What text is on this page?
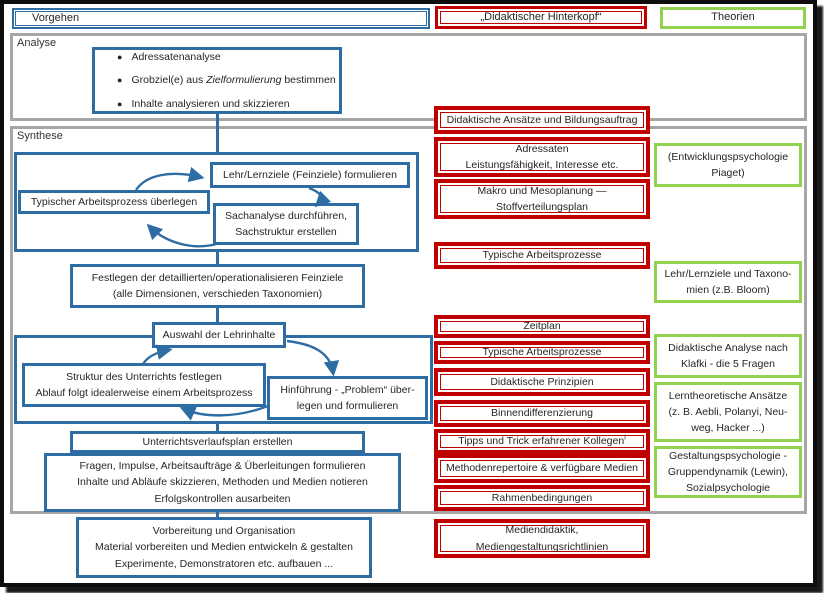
Analyse
Synthese
Vorgehen	„Didaktischer Hinterkopf“	Theorien
● Adressatenanalyse
● Grobziel(e) aus Zielformulierung bestimmen
● Inhalte analysieren und skizzieren
Lehr/Lernziele (Feinziele) formulieren
Typischer Arbeitsprozess überlegen
Sachanalyse durchführen,
Sachstruktur erstellen
Festlegen der detaillierten/operationalisieren Feinziele
(alle Dimensionen, verschieden Taxonomien)
Auswahl der Lehrinhalte
Struktur des Unterrichts festlegen
Ablauf folgt idealerweise einem Arbeitsprozess	Hinführung - „Problem“ über-
legen und formulieren
Unterrichtsverlaufsplan erstellen
Fragen, Impulse, Arbeitsaufträge & Überleitungen formulieren
Inhalte und Abläufe skizzieren, Methoden und Medien notieren
Erfolgskontrollen ausarbeiten
Vorbereitung und Organisation
Material vorbereiten und Medien entwickeln & gestalten
Experimente, Demonstratoren etc. aufbauen ...
Didaktische Ansätze und Bildungsauftrag
Adressaten
Leistungsfähigkeit, Interesse etc.
Makro und Mesoplanung —
Stoffverteilungsplan
Typische Arbeitsprozesse
Zeitplan
Typische Arbeitsprozesse
Didaktische Prinzipien
Binnendifferenzierung
Tipps und Trick erfahrener Kollegen$^i$
Methodenrepertoire & verfügbare Medien
Rahmenbedingungen
Mediendidaktik,
Mediengestaltungsrichtlinien
(Entwicklungspsychologie
Piaget)
Lehr/Lernziele und Taxono-
mien (z.B. Bloom)
Didaktische Analyse nach
Klafki - die 5 Fragen
Lerntheoretische Ansätze
(z. B. Aebli, Polanyi, Neu-
weg, Hacker ...)
Gestaltungspsychologie -
Gruppendynamik (Lewin),
Sozialpsychologie
